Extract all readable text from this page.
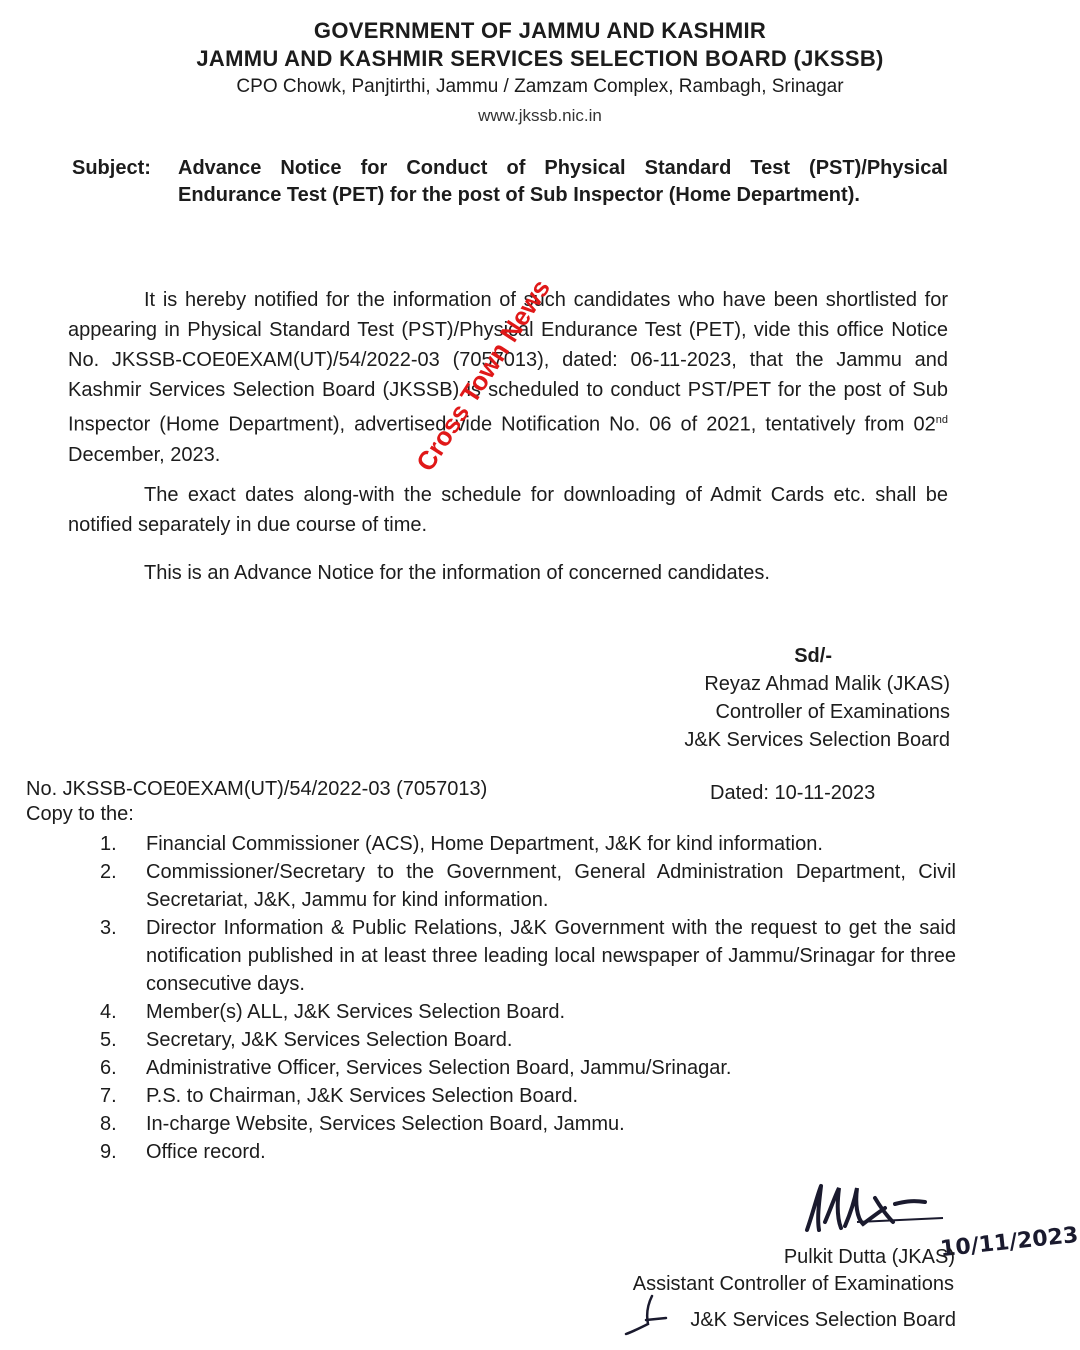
GOVERNMENT OF JAMMU AND KASHMIR
JAMMU AND KASHMIR SERVICES SELECTION BOARD (JKSSB)
CPO Chowk, Panjtirthi, Jammu / Zamzam Complex, Rambagh, Srinagar
www.jkssb.nic.in
Subject: Advance Notice for Conduct of Physical Standard Test (PST)/Physical Endurance Test (PET) for the post of Sub Inspector (Home Department).
It is hereby notified for the information of such candidates who have been shortlisted for appearing in Physical Standard Test (PST)/Physical Endurance Test (PET), vide this office Notice No. JKSSB-COE0EXAM(UT)/54/2022-03 (7057013), dated: 06-11-2023, that the Jammu and Kashmir Services Selection Board (JKSSB) is scheduled to conduct PST/PET for the post of Sub Inspector (Home Department), advertised vide Notification No. 06 of 2021, tentatively from 02nd December, 2023.
The exact dates along-with the schedule for downloading of Admit Cards etc. shall be notified separately in due course of time.
This is an Advance Notice for the information of concerned candidates.
Cross Town News
Sd/-
Reyaz Ahmad Malik (JKAS)
Controller of Examinations
J&K Services Selection Board
No. JKSSB-COE0EXAM(UT)/54/2022-03 (7057013)	Dated: 10-11-2023
Copy to the:
1.	Financial Commissioner (ACS), Home Department, J&K for kind information.
2.	Commissioner/Secretary to the Government, General Administration Department, Civil Secretariat, J&K, Jammu for kind information.
3.	Director Information & Public Relations, J&K Government with the request to get the said notification published in at least three leading local newspaper of Jammu/Srinagar for three consecutive days.
4.	Member(s) ALL, J&K Services Selection Board.
5.	Secretary, J&K Services Selection Board.
6.	Administrative Officer, Services Selection Board, Jammu/Srinagar.
7.	P.S. to Chairman, J&K Services Selection Board.
8.	In-charge Website, Services Selection Board, Jammu.
9.	Office record.
10/11/2023
Pulkit Dutta (JKAS)
Assistant Controller of Examinations
J&K Services Selection Board
